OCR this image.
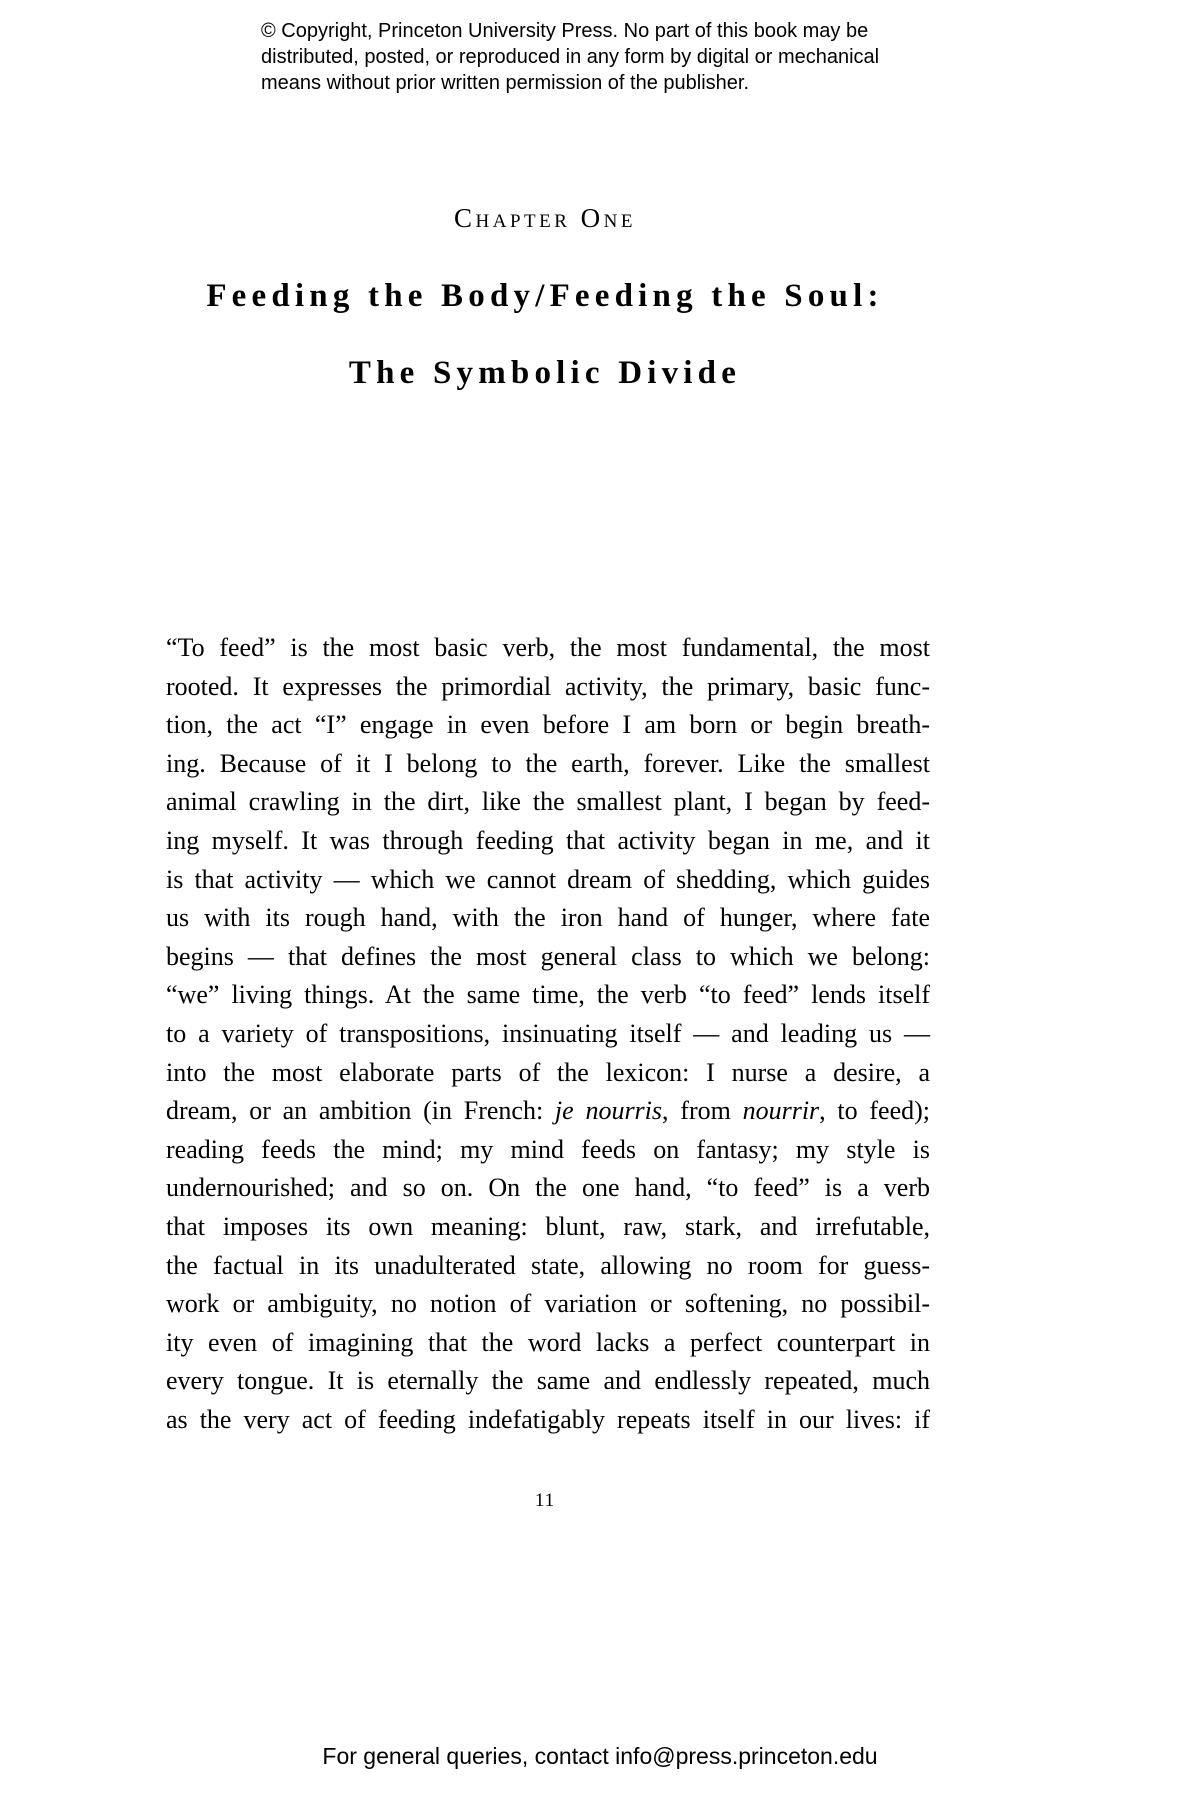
© Copyright, Princeton University Press. No part of this book may be
distributed, posted, or reproduced in any form by digital or mechanical
means without prior written permission of the publisher.

Chapter One

Feeding the Body/Feeding the Soul:
The Symbolic Divide
“To feed” is the most basic verb, the most fundamental, the most
rooted. It expresses the primordial activity, the primary, basic func-
tion, the act “I” engage in even before I am born or begin breath-
ing. Because of it I belong to the earth, forever. Like the smallest
animal crawling in the dirt, like the smallest plant, I began by feed-
ing myself. It was through feeding that activity began in me, and it
is that activity — which we cannot dream of shedding, which guides
us with its rough hand, with the iron hand of hunger, where fate
begins — that defines the most general class to which we belong:
“we” living things. At the same time, the verb “to feed” lends itself
to a variety of transpositions, insinuating itself — and leading us —
into the most elaborate parts of the lexicon: I nurse a desire, a
dream, or an ambition (in French: je nourris, from nourrir, to feed);
reading feeds the mind; my mind feeds on fantasy; my style is
undernourished; and so on. On the one hand, “to feed” is a verb
that imposes its own meaning: blunt, raw, stark, and irrefutable,
the factual in its unadulterated state, allowing no room for guess-
work or ambiguity, no notion of variation or softening, no possibil-
ity even of imagining that the word lacks a perfect counterpart in
every tongue. It is eternally the same and endlessly repeated, much
as the very act of feeding indefatigably repeats itself in our lives: if

11

For general queries, contact info@press.princeton.edu
